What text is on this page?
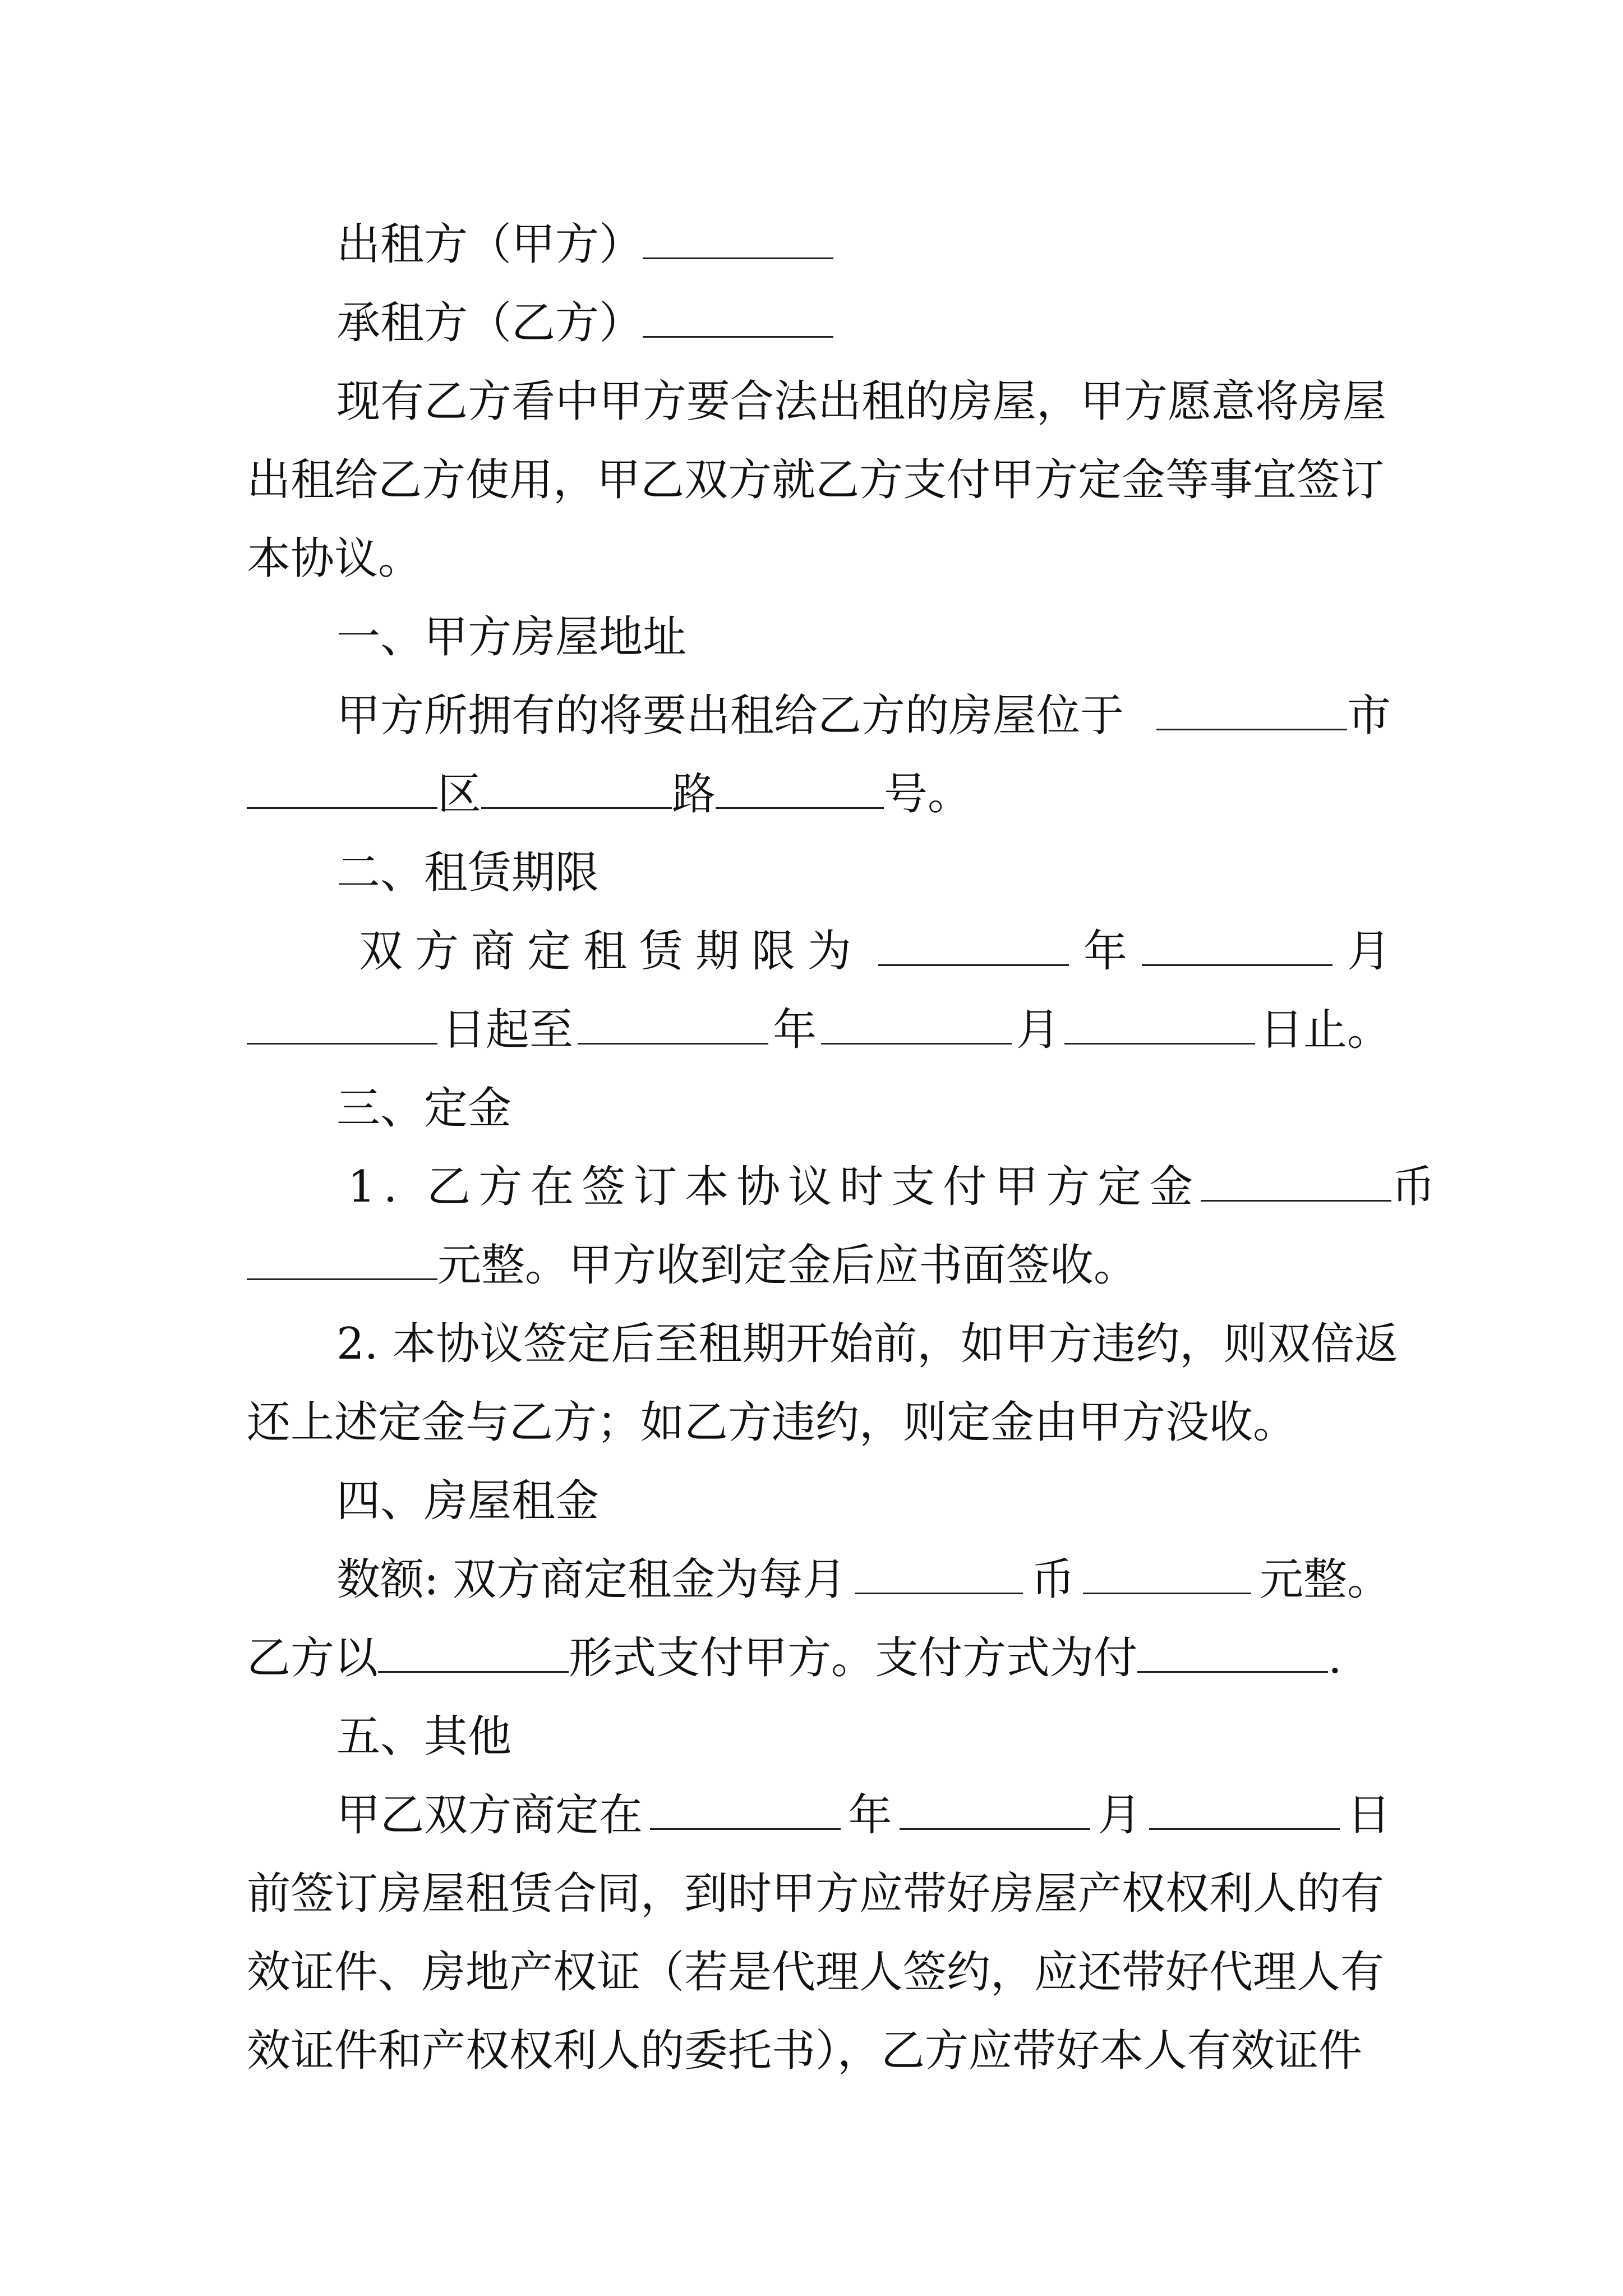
出租方（甲方）
承租方（乙方）
现有乙方看中甲方要合法出租的房屋，甲方愿意将房屋
出租给乙方使用，甲乙双方就乙方支付甲方定金等事宜签订
本协议。
一、甲方房屋地址
甲方所拥有的将要出租给乙方的房屋位于	市
区	路	号。
二、租赁期限
双方商定租赁期限为	年	月
日起至	年	月	日止。
三、定金
1. 乙方在签订本协议时支付甲方定金	币
元整。甲方收到定金后应书面签收。
2. 本协议签定后至租期开始前，如甲方违约，则双倍返
还上述定金与乙方；如乙方违约，则定金由甲方没收。
四、房屋租金
数额: 双方商定租金为每月	币	元整。
乙方以	形式支付甲方。支付方式为付	.
五、其他
甲乙双方商定在	年	月	日
前签订房屋租赁合同，到时甲方应带好房屋产权权利人的有
效证件、房地产权证（若是代理人签约，应还带好代理人有
效证件和产权权利人的委托书），乙方应带好本人有效证件
